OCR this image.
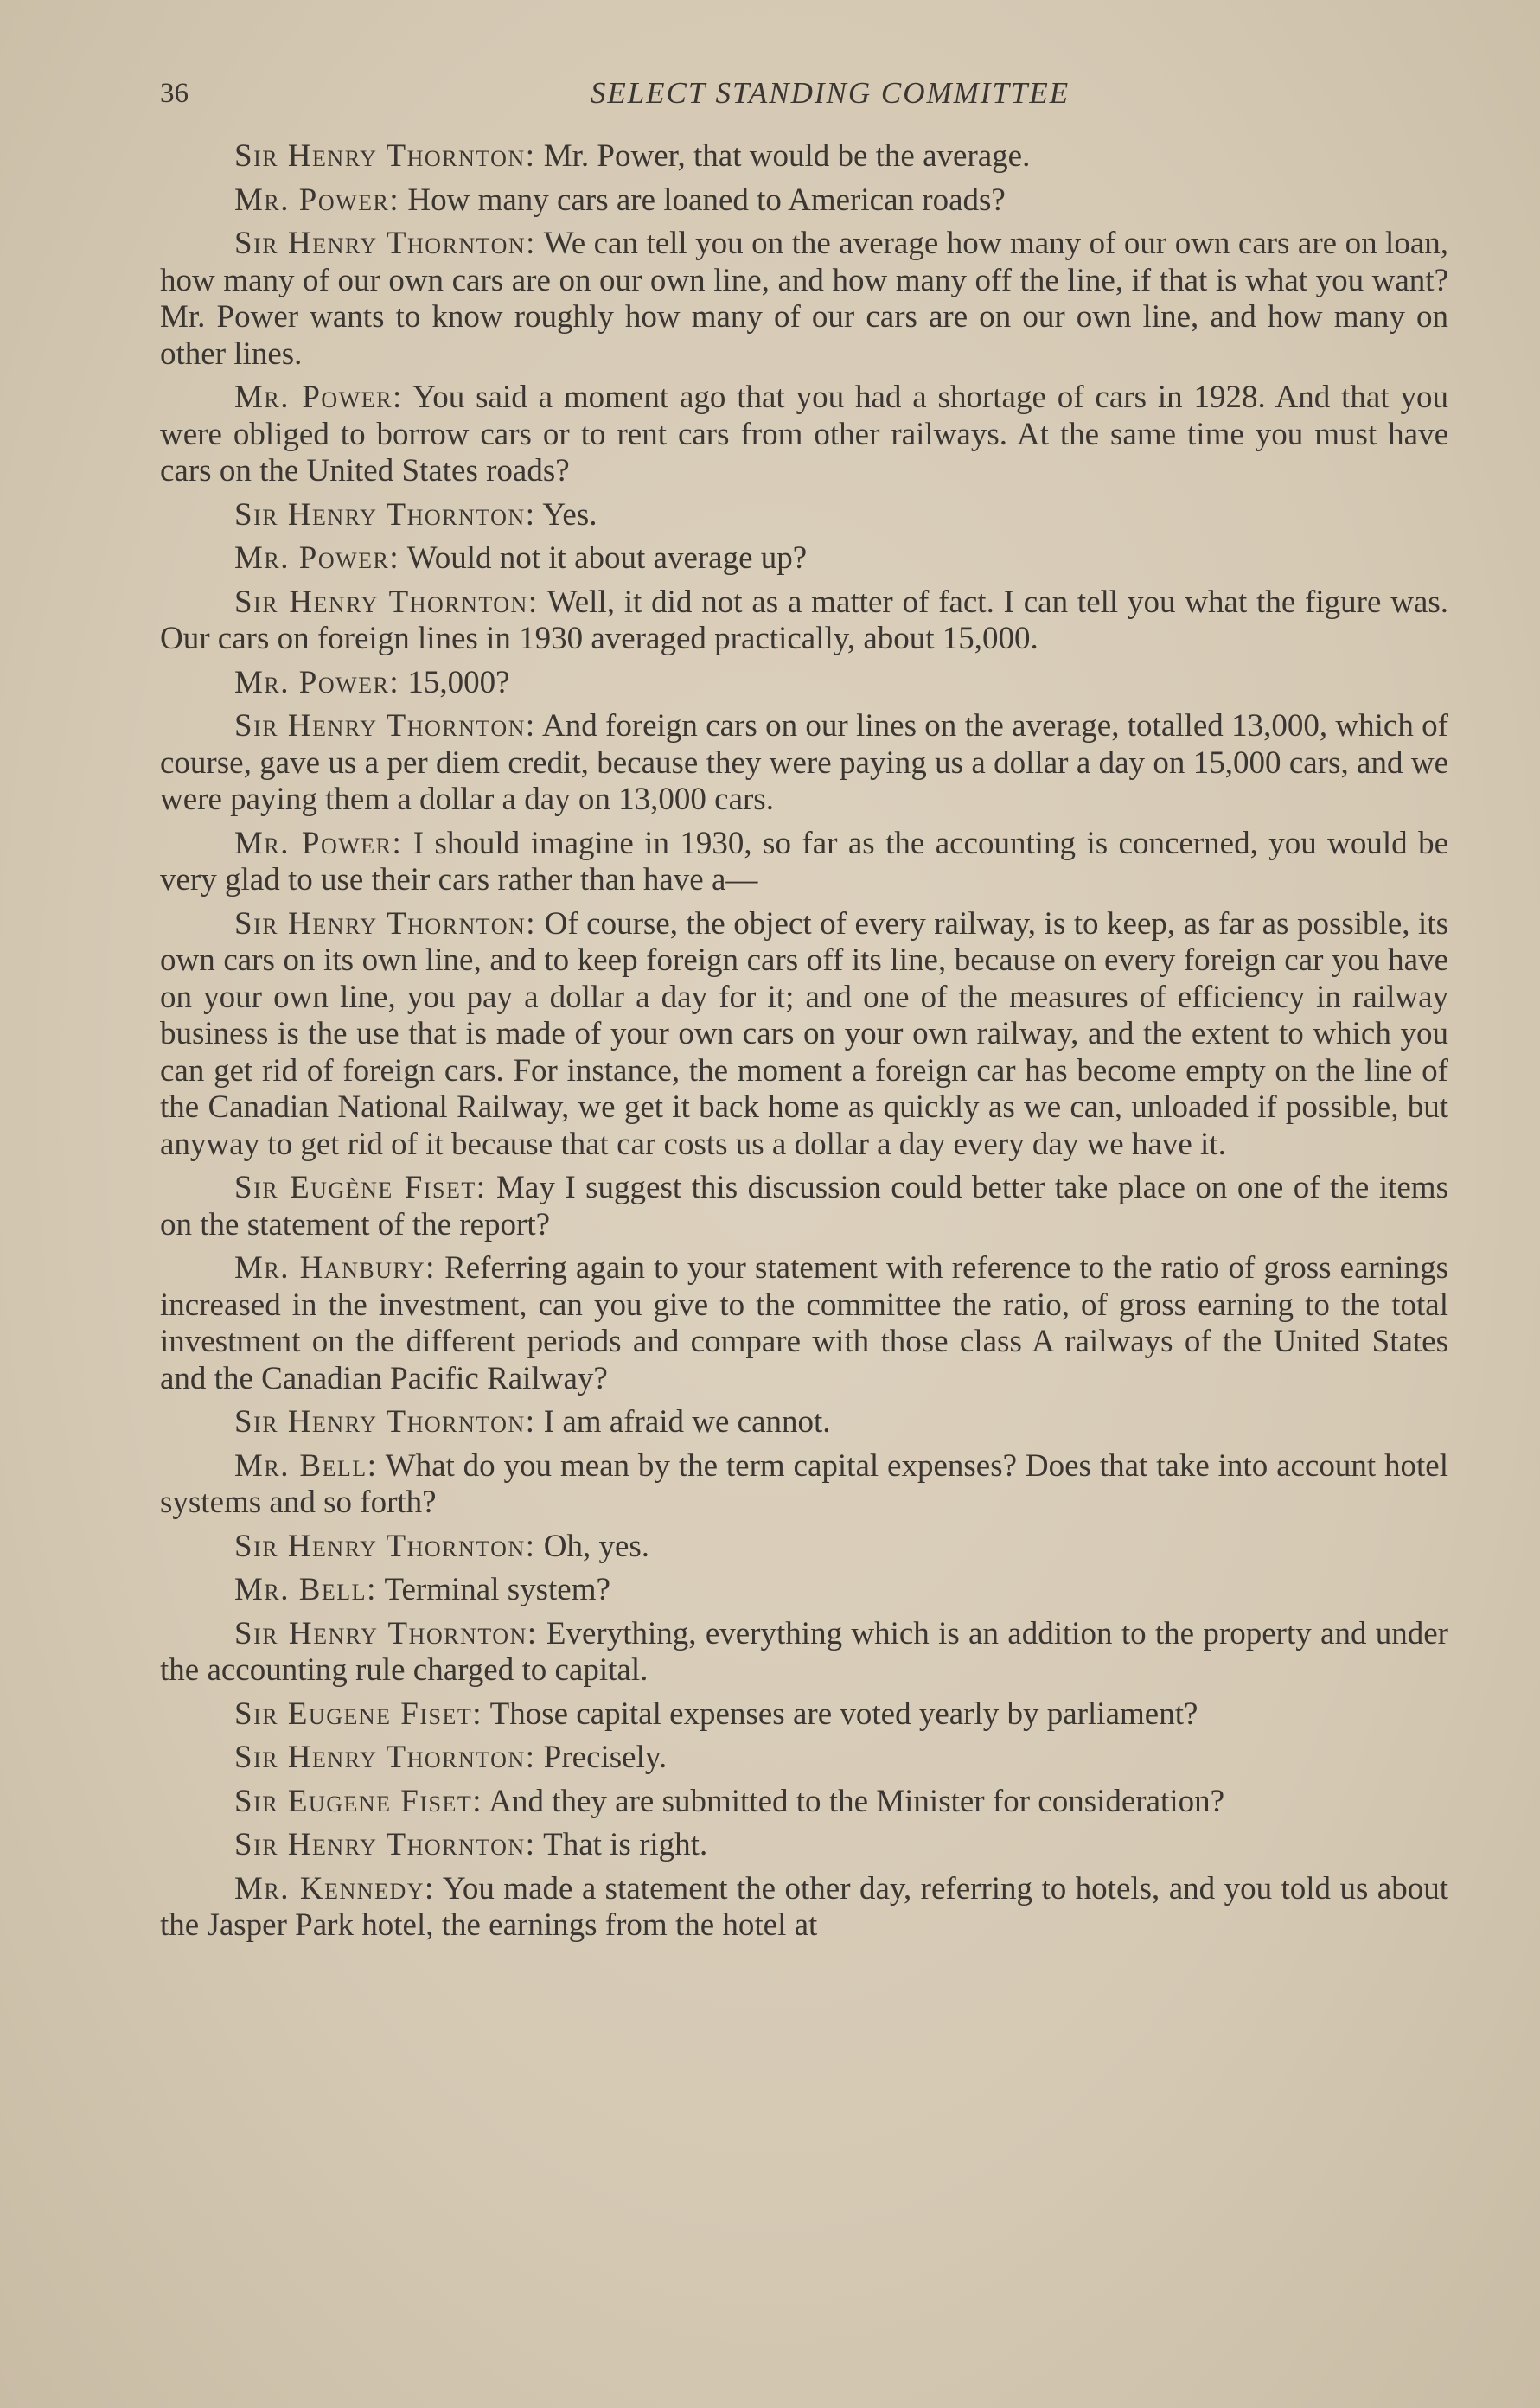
36	SELECT STANDING COMMITTEE

Sir Henry Thornton : Mr. Power, that would be the average.

Mr. Power : How many cars are loaned to American roads?

Sir Henry Thornton : We can tell you on the average how many of our own cars are on loan, how many of our own cars are on our own line, and how many off the line, if that is what you want? Mr. Power wants to know roughly how many of our cars are on our own line, and how many on other lines.

Mr. Power : You said a moment ago that you had a shortage of cars in 1928. And that you were obliged to borrow cars or to rent cars from other railways. At the same time you must have cars on the United States roads?

Sir Henry Thornton : Yes.

Mr. Power : Would not it about average up?

Sir Henry Thornton : Well, it did not as a matter of fact. I can tell you what the figure was. Our cars on foreign lines in 1930 averaged practically, about 15,000.

Mr. Power : 15,000?

Sir Henry Thornton : And foreign cars on our lines on the average, totalled 13,000, which of course, gave us a per diem credit, because they were paying us a dollar a day on 15,000 cars, and we were paying them a dollar a day on 13,000 cars.

Mr. Power : I should imagine in 1930, so far as the accounting is concerned, you would be very glad to use their cars rather than have a—

Sir Henry Thornton : Of course, the object of every railway, is to keep, as far as possible, its own cars on its own line, and to keep foreign cars off its line, because on every foreign car you have on your own line, you pay a dollar a day for it; and one of the measures of efficiency in railway business is the use that is made of your own cars on your own railway, and the extent to which you can get rid of foreign cars. For instance, the moment a foreign car has become empty on the line of the Canadian National Railway, we get it back home as quickly as we can, unloaded if possible, but anyway to get rid of it because that car costs us a dollar a day every day we have it.

Sir Eugène Fiset : May I suggest this discussion could better take place on one of the items on the statement of the report?

Mr. Hanbury : Referring again to your statement with reference to the ratio of gross earnings increased in the investment, can you give to the committee the ratio, of gross earning to the total investment on the different periods and compare with those class A railways of the United States and the Canadian Pacific Railway?

Sir Henry Thornton : I am afraid we cannot.

Mr. Bell : What do you mean by the term capital expenses? Does that take into account hotel systems and so forth?

Sir Henry Thornton : Oh, yes.

Mr. Bell : Terminal system?

Sir Henry Thornton : Everything, everything which is an addition to the property and under the accounting rule charged to capital.

Sir Eugene Fiset : Those capital expenses are voted yearly by parliament?

Sir Henry Thornton : Precisely.

Sir Eugene Fiset : And they are submitted to the Minister for consideration?

Sir Henry Thornton : That is right.

Mr. Kennedy : You made a statement the other day, referring to hotels, and you told us about the Jasper Park hotel, the earnings from the hotel at
